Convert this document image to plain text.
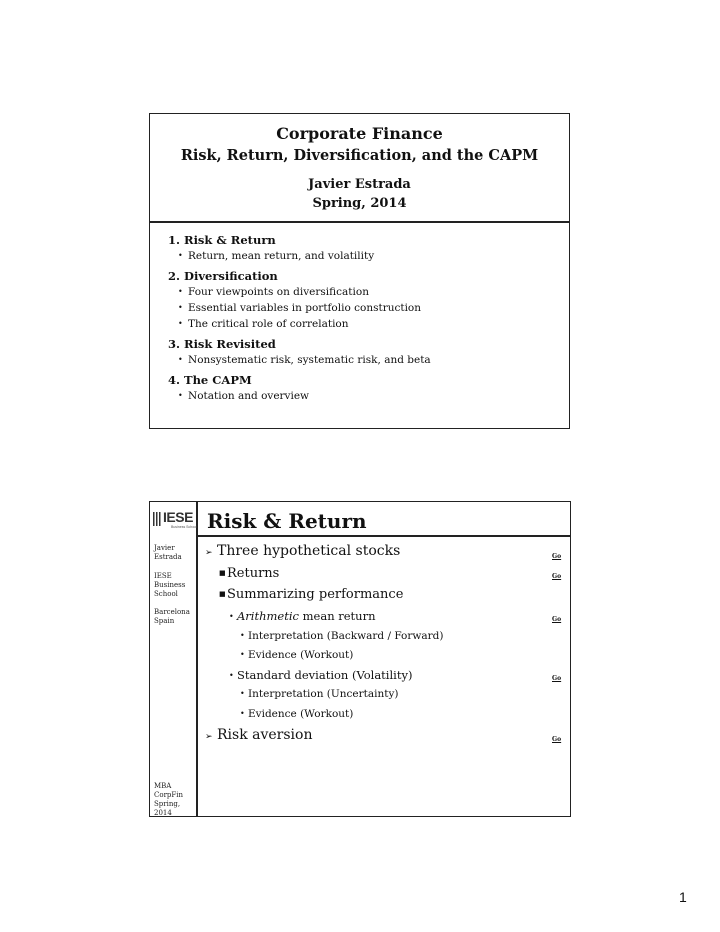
Corporate Finance
Risk, Return, Diversification, and the CAPM
Javier Estrada
Spring, 2014
1. Risk & Return
• Return, mean return, and volatility
2. Diversification
• Four viewpoints on diversification
• Essential variables in portfolio construction
• The critical role of correlation
3. Risk Revisited
• Nonsystematic risk, systematic risk, and beta
4. The CAPM
• Notation and overview
IESE
Business School
Javier
Estrada
IESE
Business
School
Barcelona
Spain
MBA
CorpFin
Spring, 2014
Risk & Return
➢ Three hypothetical stocks	Go
■Returns	Go
■Summarizing performance
• Arithmetic mean return	Go
• Interpretation (Backward / Forward)
• Evidence (Workout)
• Standard deviation (Volatility)	Go
• Interpretation (Uncertainty)
• Evidence (Workout)
➢ Risk aversion	Go
1
